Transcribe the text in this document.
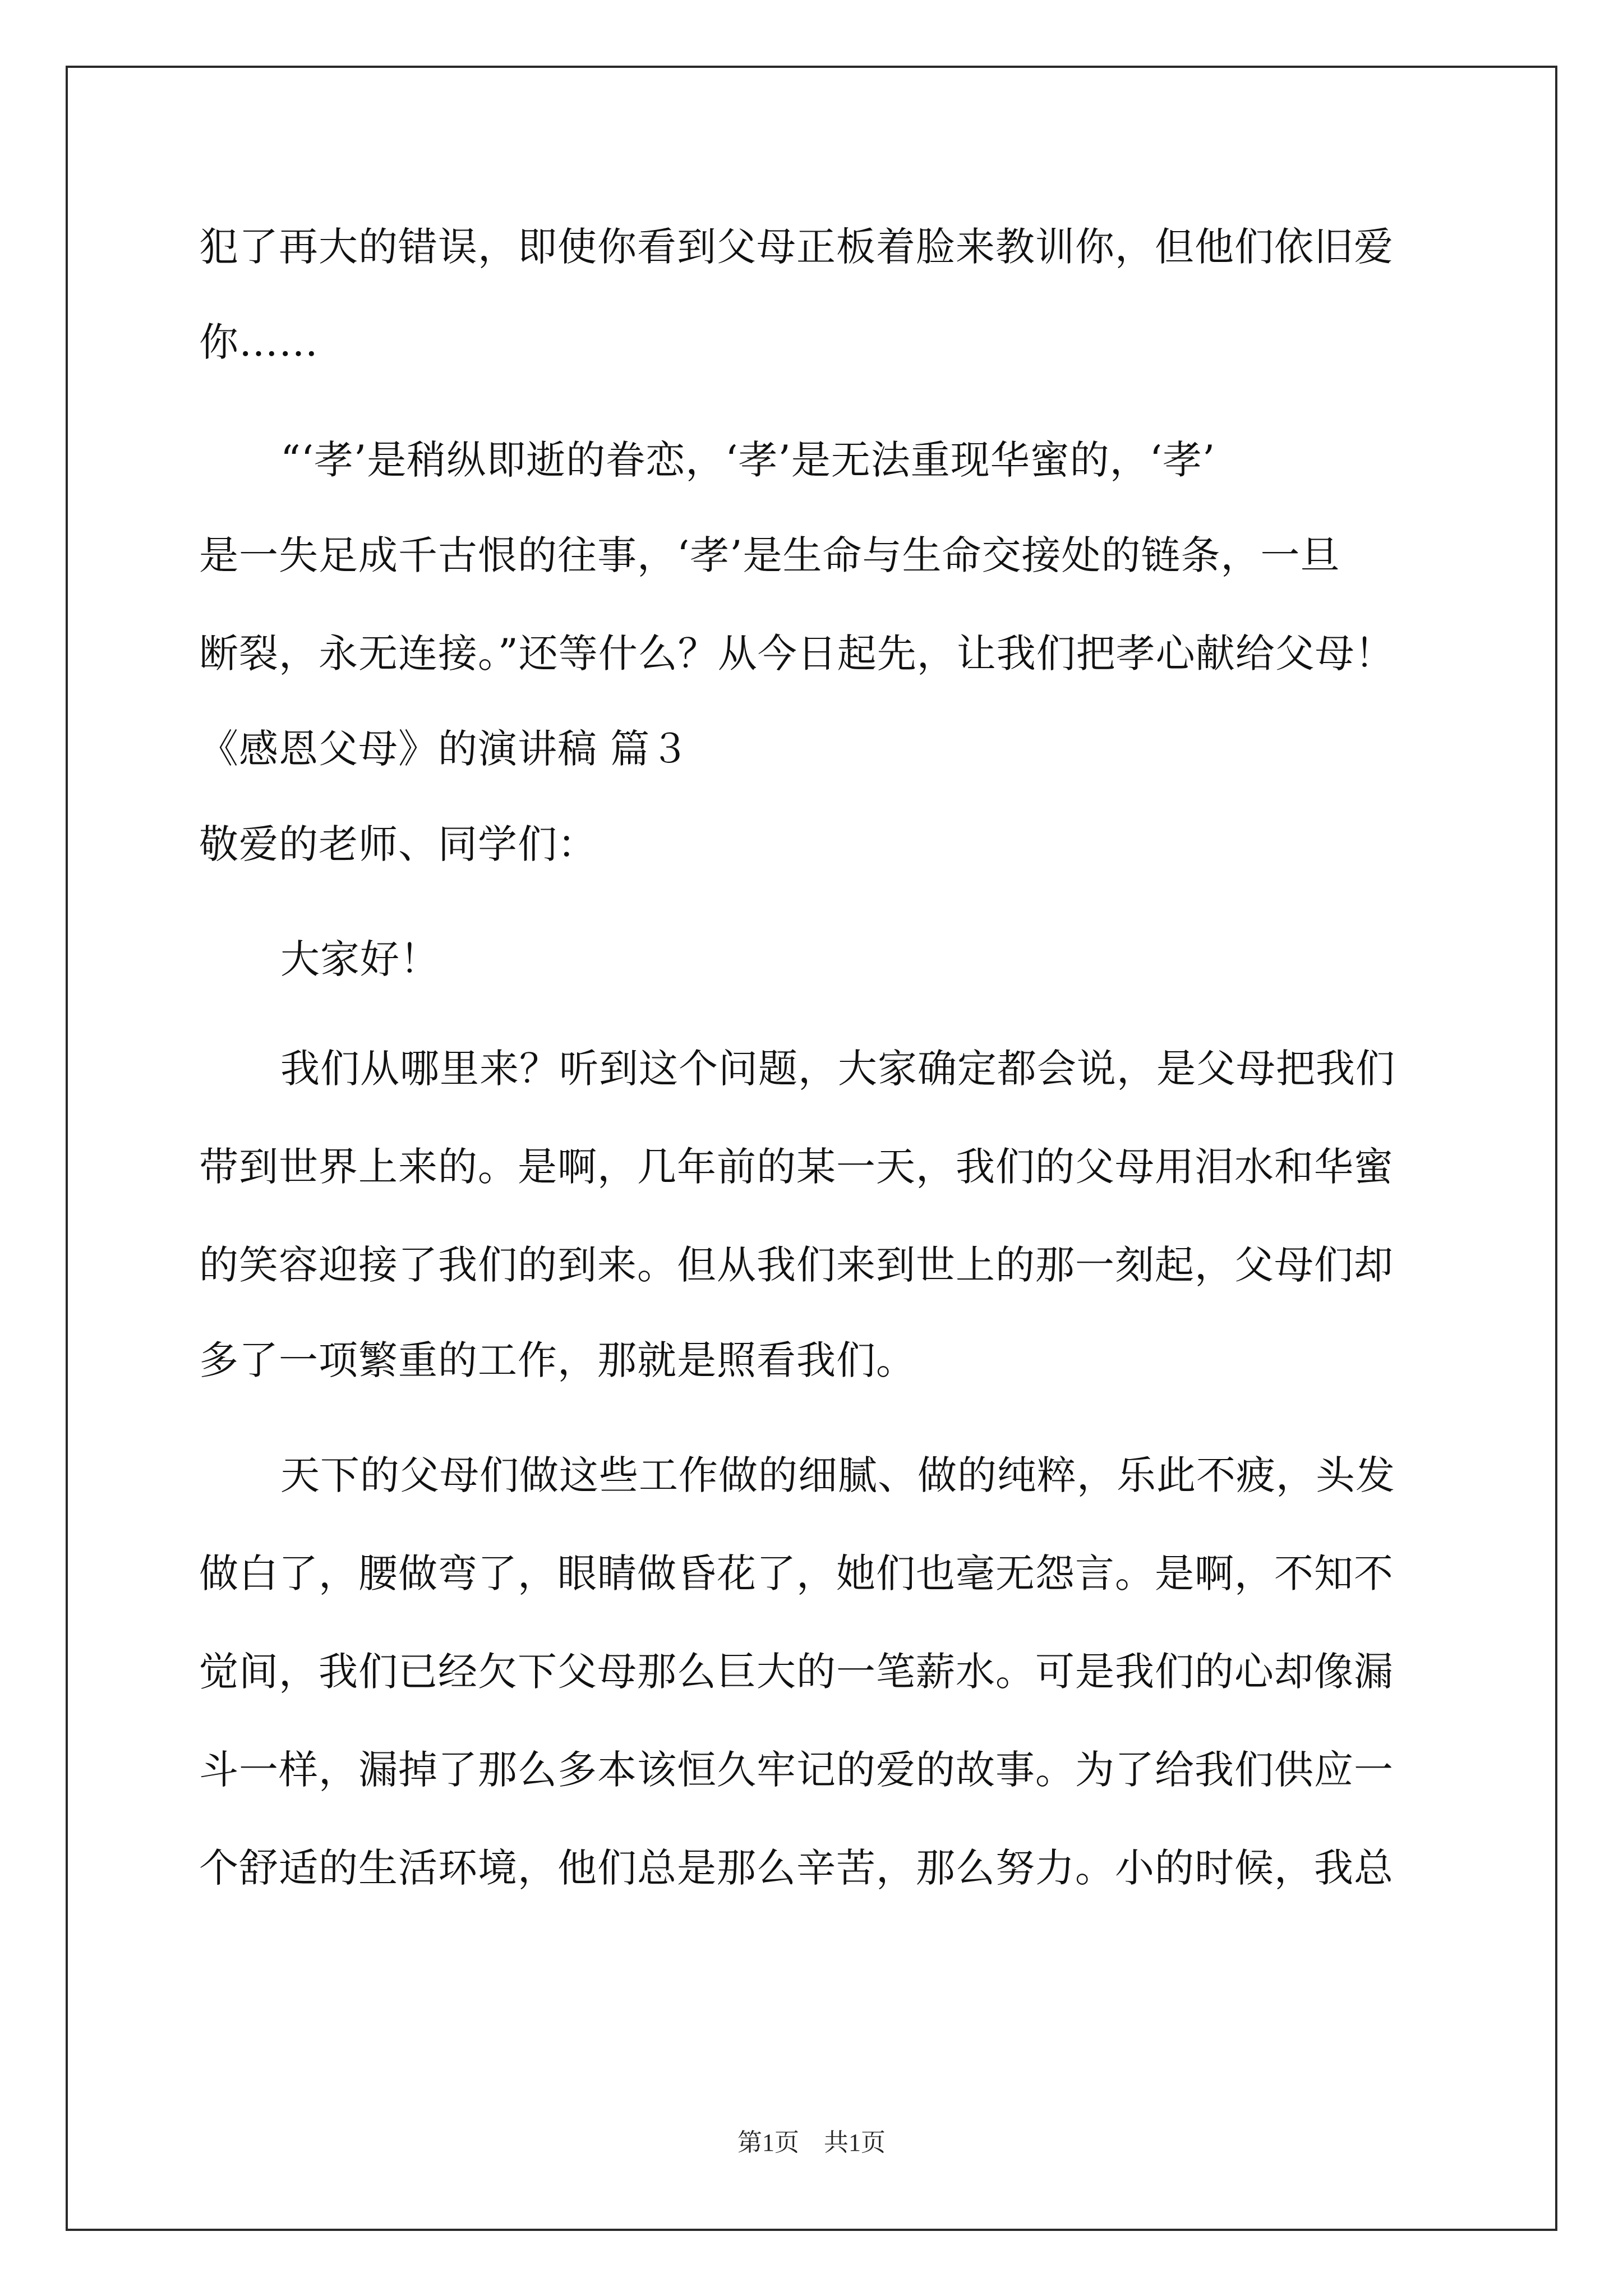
犯了再大的错误，即使你看到父母正板着脸来教训你，但他们依旧爱
你……
“‘孝’是稍纵即逝的眷恋，‘孝’是无法重现华蜜的，‘孝’
是一失足成千古恨的往事，‘孝’是生命与生命交接处的链条，一旦
断裂，永无连接。”还等什么？从今日起先，让我们把孝心献给父母！
《感恩父母》的演讲稿 篇３
敬爱的老师、同学们：
大家好！
我们从哪里来？听到这个问题，大家确定都会说，是父母把我们
带到世界上来的。是啊，几年前的某一天，我们的父母用泪水和华蜜
的笑容迎接了我们的到来。但从我们来到世上的那一刻起，父母们却
多了一项繁重的工作，那就是照看我们。
天下的父母们做这些工作做的细腻、做的纯粹，乐此不疲，头发
做白了，腰做弯了，眼睛做昏花了，她们也毫无怨言。是啊，不知不
觉间，我们已经欠下父母那么巨大的一笔薪水。可是我们的心却像漏
斗一样，漏掉了那么多本该恒久牢记的爱的故事。为了给我们供应一
个舒适的生活环境，他们总是那么辛苦，那么努力。小的时候，我总
第1页　共1页
